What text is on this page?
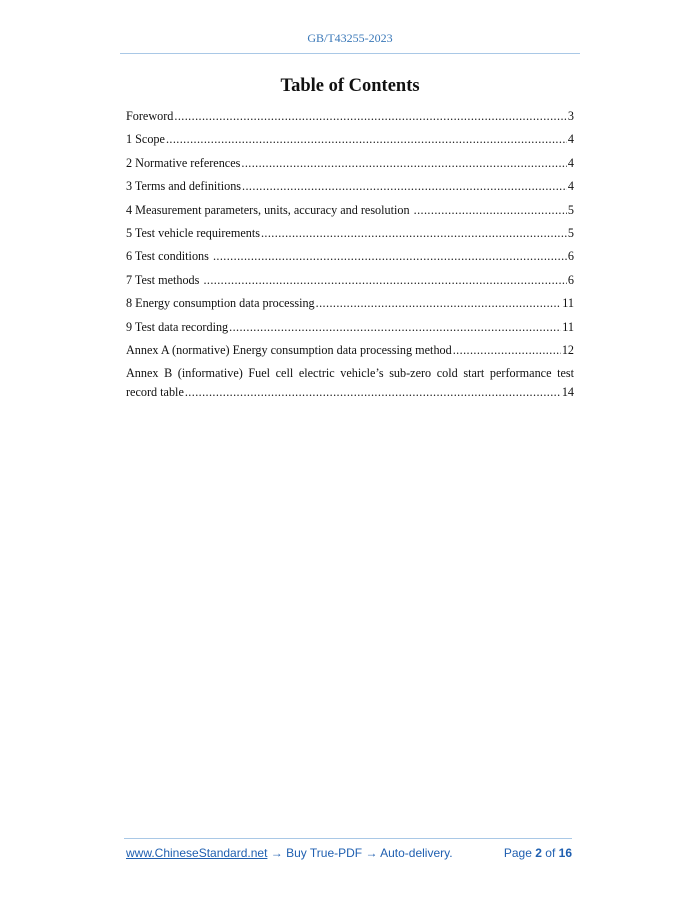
GB/T43255-2023
Table of Contents
Foreword .....	3
1 Scope .....	4
2 Normative references .....	4
3 Terms and definitions .....	4
4 Measurement parameters, units, accuracy and resolution .....	5
5 Test vehicle requirements .....	5
6 Test conditions .....	6
7 Test methods .....	6
8 Energy consumption data processing .....	11
9 Test data recording .....	11
Annex A (normative) Energy consumption data processing method .....	12
Annex B (informative) Fuel cell electric vehicle’s sub-zero cold start performance test
record table .....	14
www.ChineseStandard.net → Buy True-PDF → Auto-delivery.	Page 2 of 16
